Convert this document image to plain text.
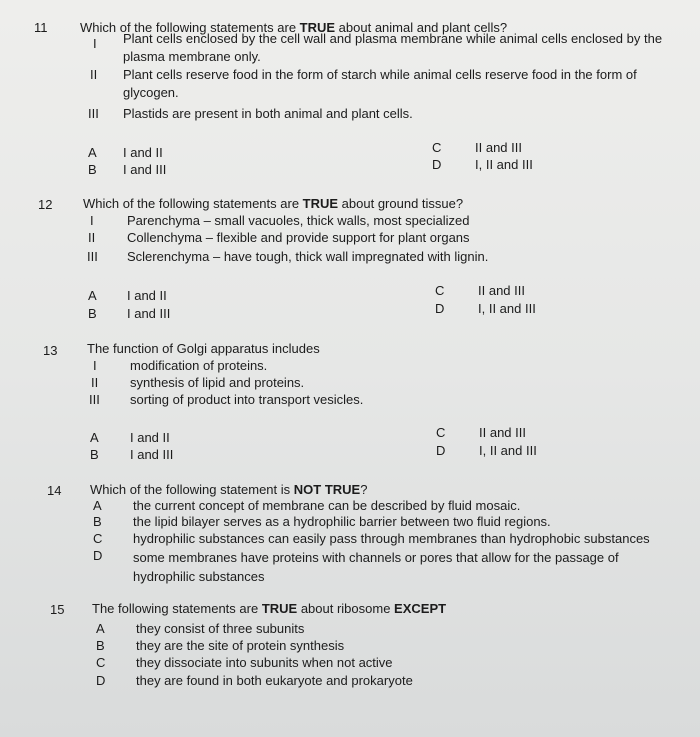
11	Which of the following statements are TRUE about animal and plant cells?
I Plant cells enclosed by the cell wall and plasma membrane while animal cells enclosed by the plasma membrane only.
II Plant cells reserve food in the form of starch while animal cells reserve food in the form of glycogen.
III Plastids are present in both animal and plant cells.
A I and II
B I and III
C	II and III
D	I, II and III
12 Which of the following statements are TRUE about ground tissue?
I	Parenchyma – small vacuoles, thick walls, most specialized
II Collenchyma – flexible and provide support for plant organs
III Sclerenchyma – have tough, thick wall impregnated with lignin.
A I and II
B I and III
C	II and III
D	I, II and III
13 The function of Golgi apparatus includes
I	modification of proteins.
II synthesis of lipid and proteins.
III sorting of product into transport vesicles.
A I and II
B I and III
C	II and III
D	I, II and III
14 Which of the following statement is NOT TRUE?
A the current concept of membrane can be described by fluid mosaic.
B the lipid bilayer serves as a hydrophilic barrier between two fluid regions.
C hydrophilic substances can easily pass through membranes than hydrophobic substances
D some membranes have proteins with channels or pores that allow for the passage of hydrophilic substances
15 The following statements are TRUE about ribosome EXCEPT
A they consist of three subunits
B they are the site of protein synthesis
C they dissociate into subunits when not active
D they are found in both eukaryote and prokaryote
